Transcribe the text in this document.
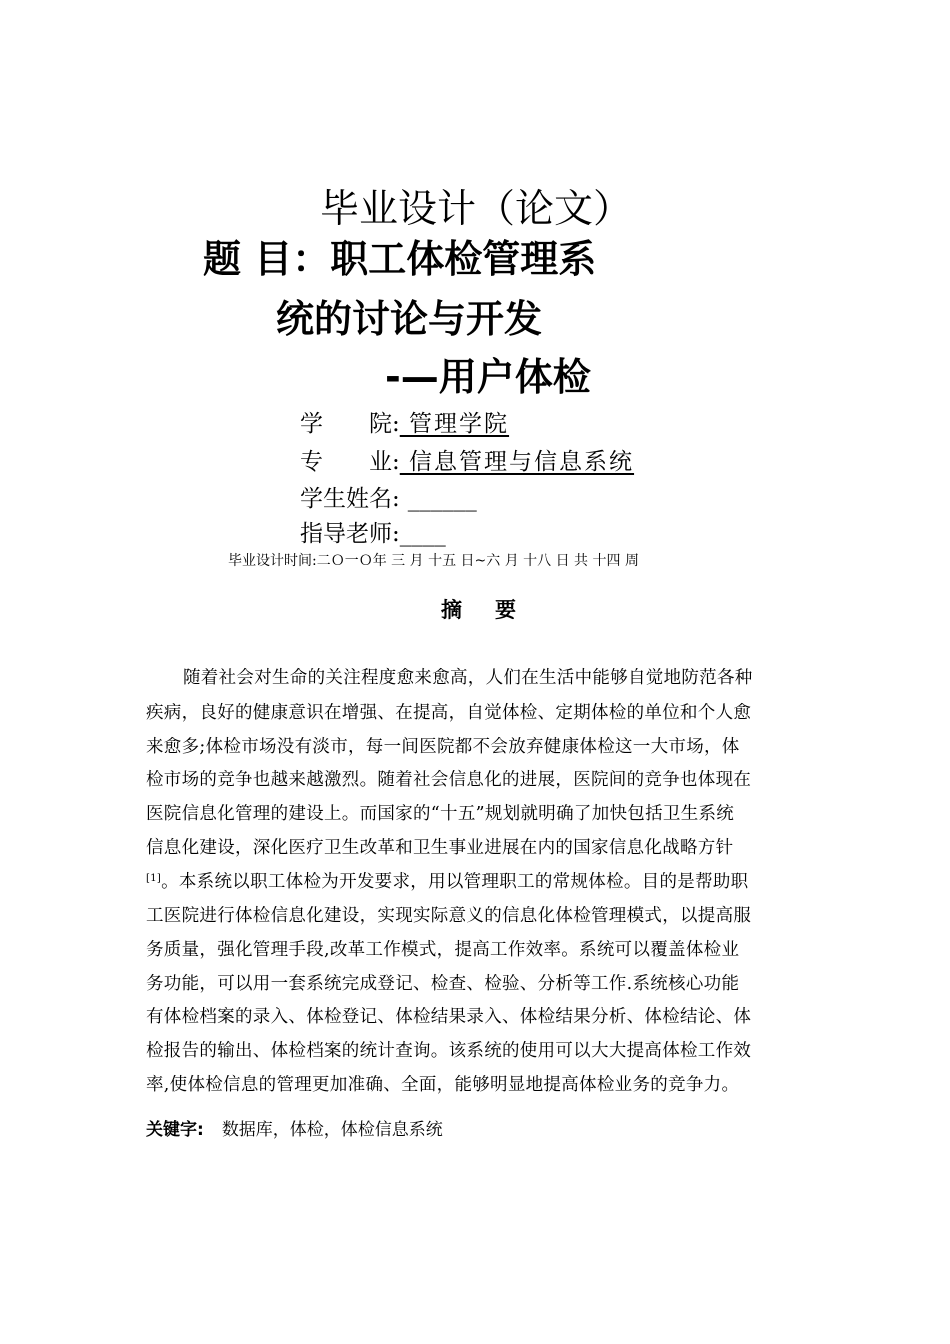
毕业设计（论文）
题 目：职工体检管理系
统的讨论与开发
-—用户体检
学　　院: 管理学院
专　　业: 信息管理与信息系统
学生姓名: ______
指导老师:____
毕业设计时间:二Ｏ一Ｏ年 三 月 十五 日~六 月 十八 日 共 十四 周
摘　要
随着社会对生命的关注程度愈来愈高，人们在生活中能够自觉地防范各种
疾病，良好的健康意识在增强、在提高，自觉体检、定期体检的单位和个人愈
来愈多;体检市场没有淡市，每一间医院都不会放弃健康体检这一大市场，体
检市场的竞争也越来越激烈。随着社会信息化的进展，医院间的竞争也体现在
医院信息化管理的建设上。而国家的“十五”规划就明确了加快包括卫生系统
信息化建设，深化医疗卫生改革和卫生事业进展在内的国家信息化战略方针
[1]。本系统以职工体检为开发要求，用以管理职工的常规体检。目的是帮助职
工医院进行体检信息化建设，实现实际意义的信息化体检管理模式，以提高服
务质量，强化管理手段,改革工作模式，提高工作效率。系统可以覆盖体检业
务功能，可以用一套系统完成登记、检查、检验、分析等工作.系统核心功能
有体检档案的录入、体检登记、体检结果录入、体检结果分析、体检结论、体
检报告的输出、体检档案的统计查询。该系统的使用可以大大提高体检工作效
率,使体检信息的管理更加准确、全面，能够明显地提高体检业务的竞争力。
关键字: 数据库，体检，体检信息系统
